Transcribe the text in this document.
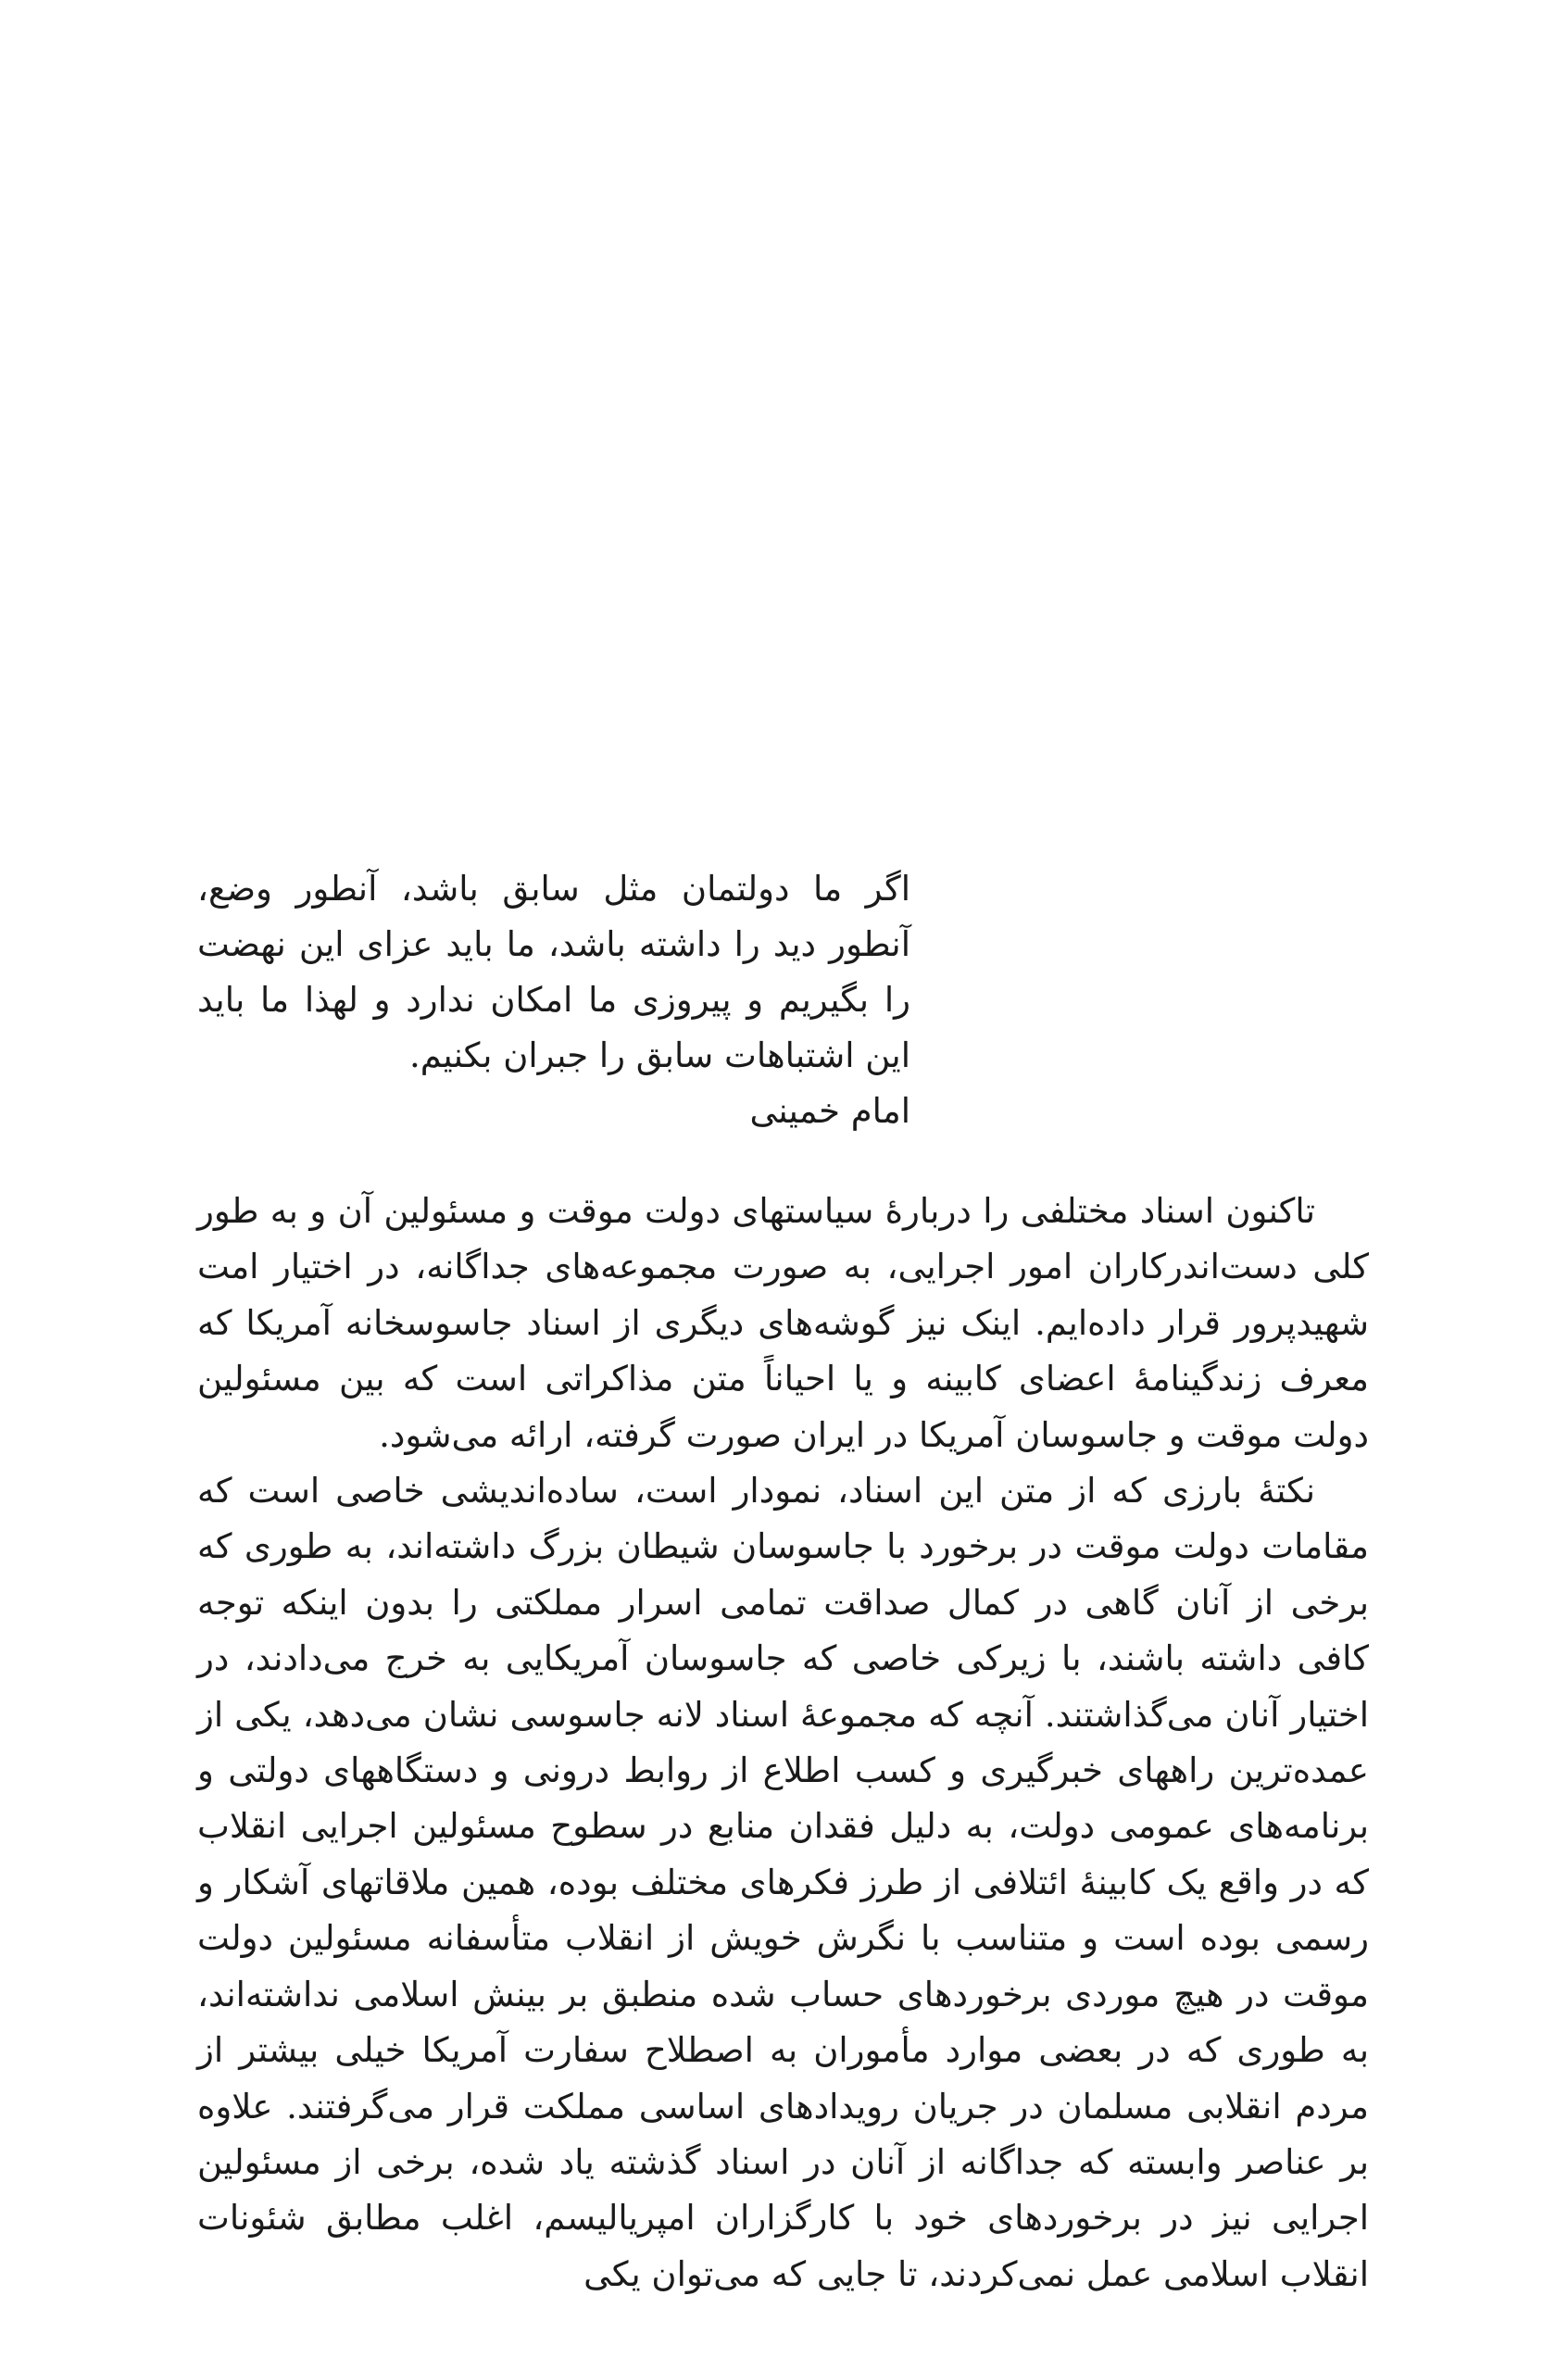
اگر ما دولتمان مثل سابق باشد، آنطور وضع، آنطور دید را داشته باشد، ما باید عزای این نهضت را بگیریم و پیروزی ما امکان ندارد و لهذا ما باید این اشتباهات سابق را جبران بکنیم.

امام خمینی

تاکنون اسناد مختلفی را دربارهٔ سیاستهای دولت موقت و مسئولین آن و به طور کلی دست‌اندرکاران امور اجرایی، به صورت مجموعه‌های جداگانه، در اختیار امت شهیدپرور قرار داده‌ایم. اینک نیز گوشه‌های دیگری از اسناد جاسوسخانه آمریکا که معرف زندگینامهٔ اعضای کابینه و یا احیاناً متن مذاکراتی است که بین مسئولین دولت موقت و جاسوسان آمریکا در ایران صورت گرفته، ارائه می‌شود.

نکتهٔ بارزی که از متن این اسناد، نمودار است، ساده‌اندیشی خاصی است که مقامات دولت موقت در برخورد با جاسوسان شیطان بزرگ داشته‌اند، به طوری که برخی از آنان گاهی در کمال صداقت تمامی اسرار مملکتی را بدون اینکه توجه کافی داشته باشند، با زیرکی خاصی که جاسوسان آمریکایی به خرج می‌دادند، در اختیار آنان می‌گذاشتند. آنچه که مجموعهٔ اسناد لانه جاسوسی نشان می‌دهد، یکی از عمده‌ترین راههای خبرگیری و کسب اطلاع از روابط درونی و دستگاههای دولتی و برنامه‌های عمومی دولت، به دلیل فقدان منابع در سطوح مسئولین اجرایی انقلاب که در واقع یک کابینهٔ ائتلافی از طرز فکرهای مختلف بوده، همین ملاقاتهای آشکار و رسمی بوده است و متناسب با نگرش خویش از انقلاب متأسفانه مسئولین دولت موقت در هیچ موردی برخوردهای حساب شده منطبق بر بینش اسلامی نداشته‌اند، به طوری که در بعضی موارد مأموران به اصطلاح سفارت آمریکا خیلی بیشتر از مردم انقلابی مسلمان در جریان رویدادهای اساسی مملکت قرار می‌گرفتند. علاوه بر عناصر وابسته که جداگانه از آنان در اسناد گذشته یاد شده، برخی از مسئولین اجرایی نیز در برخوردهای خود با کارگزاران امپریالیسم، اغلب مطابق شئونات انقلاب اسلامی عمل نمی‌کردند، تا جایی که می‌توان یکی
